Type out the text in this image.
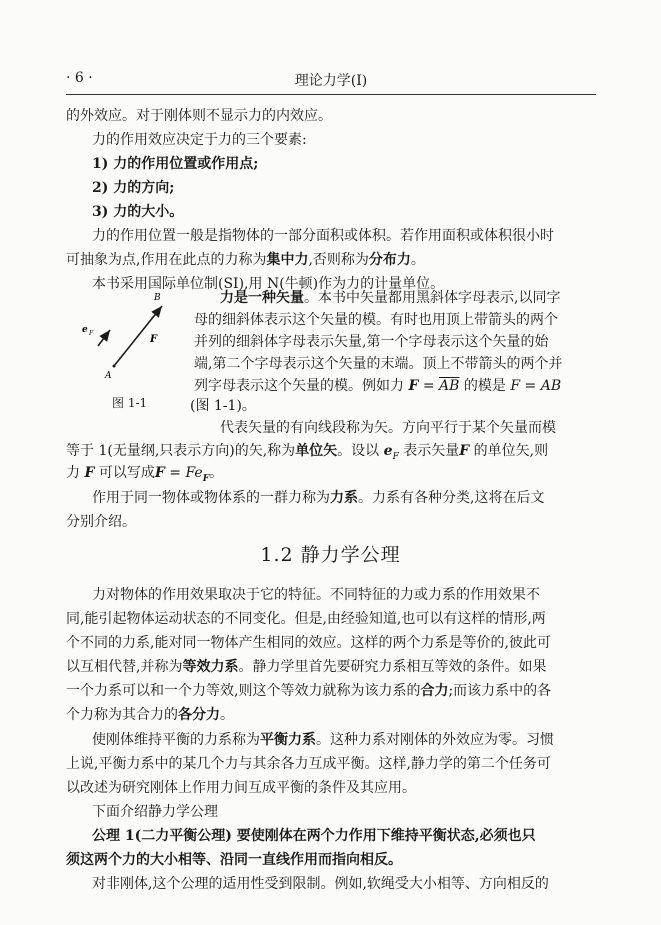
· 6 ·	理论力学(Ⅰ)
的外效应。对于刚体则不显示力的内效应。
力的作用效应决定于力的三个要素:
1) 力的作用位置或作用点;
2) 力的方向;
3) 力的大小。
力的作用位置一般是指物体的一部分面积或体积。若作用面积或体积很小时
可抽象为点,作用在此点的力称为集中力,否则称为分布力。
本书采用国际单位制(SI),用 N(牛顿)作为力的计量单位。
B
A
F
e F
图 1-1
力是一种矢量。本书中矢量都用黑斜体字母表示,以同字
母的细斜体表示这个矢量的模。有时也用顶上带箭头的两个
并列的细斜体字母表示矢量,第一个字母表示这个矢量的始
端,第二个字母表示这个矢量的末端。顶上不带箭头的两个并
列字母表示这个矢量的模。例如力 $F = \overline{AB}$ 的模是 F = AB
(图 1-1)。
代表矢量的有向线段称为矢。方向平行于某个矢量而模
等于 1(无量纲,只表示方向)的矢,称为单位矢。设以 $e_F$ 表示矢量F 的单位矢,则
力 F 可以写成$F = Fe_F$。
作用于同一物体或物体系的一群力称为力系。力系有各种分类,这将在后文
分别介绍。
1.2 静力学公理
力对物体的作用效果取决于它的特征。不同特征的力或力系的作用效果不
同,能引起物体运动状态的不同变化。但是,由经验知道,也可以有这样的情形,两
个不同的力系,能对同一物体产生相同的效应。这样的两个力系是等价的,彼此可
以互相代替,并称为等效力系。静力学里首先要研究力系相互等效的条件。如果
一个力系可以和一个力等效,则这个等效力就称为该力系的合力;而该力系中的各
个力称为其合力的各分力。
使刚体维持平衡的力系称为平衡力系。这种力系对刚体的外效应为零。习惯
上说,平衡力系中的某几个力与其余各力互成平衡。这样,静力学的第二个任务可
以改述为研究刚体上作用力间互成平衡的条件及其应用。
下面介绍静力学公理
公理 1(二力平衡公理) 要使刚体在两个力作用下维持平衡状态,必须也只
须这两个力的大小相等、沿同一直线作用而指向相反。
对非刚体,这个公理的适用性受到限制。例如,软绳受大小相等、方向相反的
